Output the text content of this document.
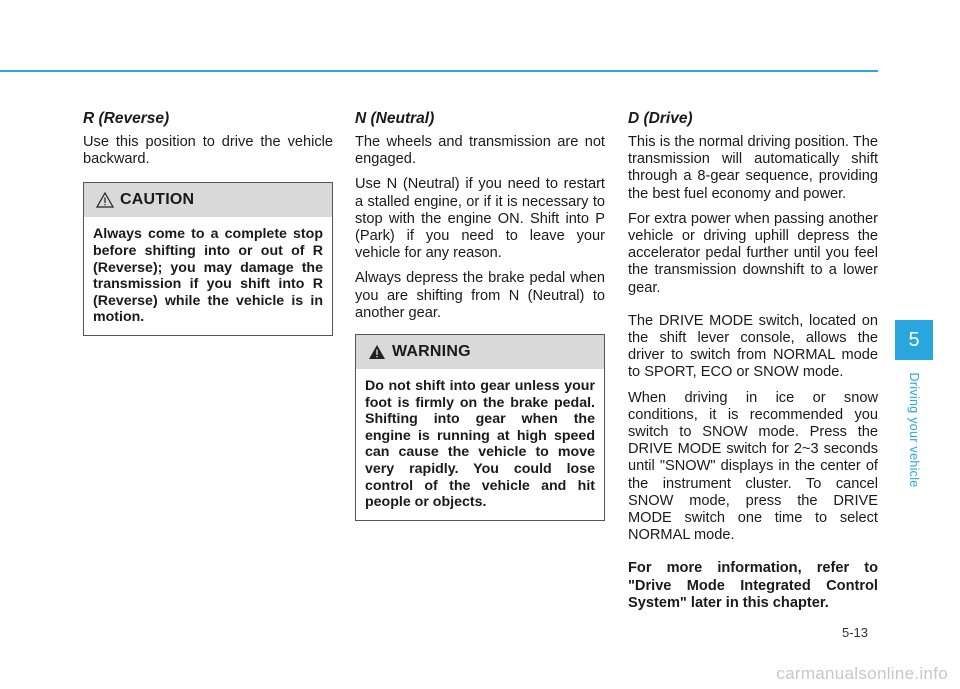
R (Reverse)

Use this position to drive the vehicle backward.

CAUTION
Always come to a complete stop before shifting into or out of R (Reverse); you may damage the transmission if you shift into R (Reverse) while the vehicle is in motion.
N (Neutral)

The wheels and transmission are not engaged.

Use N (Neutral) if you need to restart a stalled engine, or if it is necessary to stop with the engine ON. Shift into P (Park) if you need to leave your vehicle for any reason.

Always depress the brake pedal when you are shifting from N (Neutral) to another gear.

WARNING
Do not shift into gear unless your foot is firmly on the brake pedal. Shifting into gear when the engine is running at high speed can cause the vehicle to move very rapidly. You could lose control of the vehicle and hit people or objects.
D (Drive)

This is the normal driving position. The transmission will automatically shift through a 8-gear sequence, providing the best fuel economy and power.

For extra power when passing another vehicle or driving uphill depress the accelerator pedal further until you feel the transmission downshift to a lower gear.

The DRIVE MODE switch, located on the shift lever console, allows the driver to switch from NORMAL mode to SPORT, ECO or SNOW mode.

When driving in ice or snow conditions, it is recommended you switch to SNOW mode. Press the DRIVE MODE switch for 2~3 seconds until "SNOW" displays in the center of the instrument cluster. To cancel SNOW mode, press the DRIVE MODE switch one time to select NORMAL mode.

For more information, refer to "Drive Mode Integrated Control System" later in this chapter.

5
Driving your vehicle
5-13
carmanualsonline.info
